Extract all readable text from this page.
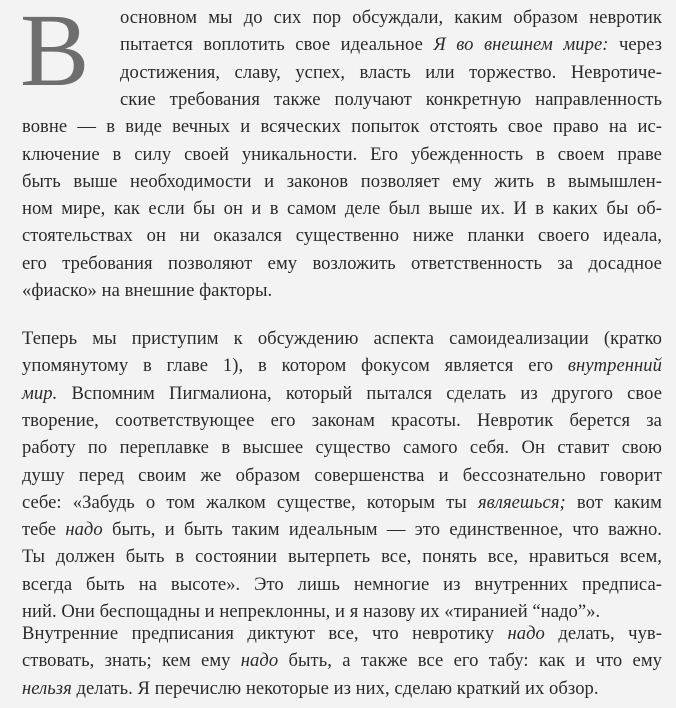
В основном мы до сих пор обсуждали, каким образом невротик
пытается воплотить свое идеальное Я во внешнем мире: через
достижения, славу, успех, власть или торжество. Невротиче-
ские требования также получают конкретную направленность
вовне — в виде вечных и всяческих попыток отстоять свое право на ис-
ключение в силу своей уникальности. Его убежденность в своем праве
быть выше необходимости и законов позволяет ему жить в вымышлен-
ном мире, как если бы он и в самом деле был выше их. И в каких бы об-
стоятельствах он ни оказался существенно ниже планки своего идеала,
его требования позволяют ему возложить ответственность за досадное
«фиаско» на внешние факторы.
Теперь мы приступим к обсуждению аспекта самоидеализации (кратко
упомянутому в главе 1), в котором фокусом является его внутренний
мир. Вспомним Пигмалиона, который пытался сделать из другого свое
творение, соответствующее его законам красоты. Невротик берется за
работу по переплавке в высшее существо самого себя. Он ставит свою
душу перед своим же образом совершенства и бессознательно говорит
себе: «Забудь о том жалком существе, которым ты являешься; вот каким
тебе надо быть, и быть таким идеальным — это единственное, что важно.
Ты должен быть в состоянии вытерпеть все, понять все, нравиться всем,
всегда быть на высоте». Это лишь немногие из внутренних предписа-
ний. Они беспощадны и непреклонны, и я назову их «тиранией “надо”».
Внутренние предписания диктуют все, что невротику надо делать, чув-
ствовать, знать; кем ему надо быть, а также все его табу: как и что ему
нельзя делать. Я перечислю некоторые из них, сделаю краткий их обзор.
